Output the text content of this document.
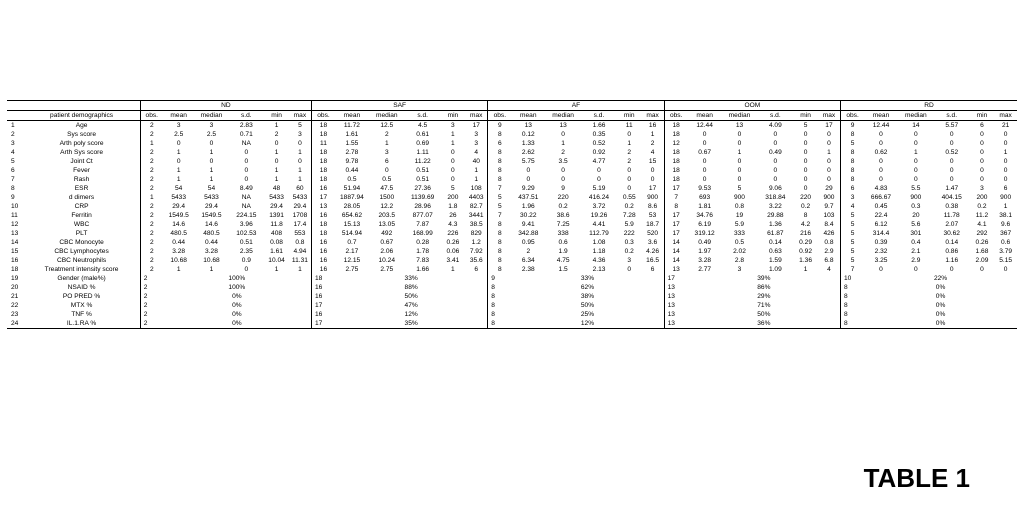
		ND						SAF						AF						OOM						RD					
	patient demographics	obs.	mean	median	s.d.	min	max	obs.	mean	median	s.d.	min	max	obs.	mean	median	s.d.	min	max	obs.	mean	median	s.d.	min	max	obs.	mean	median	s.d.	min	max
1	Age	2	3	3	2.83	1	5	18	11.72	12.5	4.5	3	17	9	13	13	1.66	11	16	18	12.44	13	4.09	5	17	9	12.44	14	5.57	6	21
2	Sys score	2	2.5	2.5	0.71	2	3	18	1.61	2	0.61	1	3	8	0.12	0	0.35	0	1	18	0	0	0	0	0	8	0	0	0	0	0
3	Arth poly score	1	0	0	NA	0	0	11	1.55	1	0.69	1	3	6	1.33	1	0.52	1	2	12	0	0	0	0	0	5	0	0	0	0	0
4	Arth Sys score	2	1	1	0	1	1	18	2.78	3	1.11	0	4	8	2.62	2	0.92	2	4	18	0.67	1	0.49	0	1	8	0.62	1	0.52	0	1
5	Joint Ct	2	0	0	0	0	0	18	9.78	6	11.22	0	40	8	5.75	3.5	4.77	2	15	18	0	0	0	0	0	8	0	0	0	0	0
6	Fever	2	1	1	0	1	1	18	0.44	0	0.51	0	1	8	0	0	0	0	0	18	0	0	0	0	0	8	0	0	0	0	0
7	Rash	2	1	1	0	1	1	18	0.5	0.5	0.51	0	1	8	0	0	0	0	0	18	0	0	0	0	0	8	0	0	0	0	0
8	ESR	2	54	54	8.49	48	60	16	51.94	47.5	27.36	5	108	7	9.29	9	5.19	0	17	17	9.53	5	9.06	0	29	6	4.83	5.5	1.47	3	6
9	d dimers	1	5433	5433	NA	5433	5433	17	1887.94	1500	1139.69	200	4403	5	437.51	220	416.24	0.55	900	7	693	900	318.84	220	900	3	666.67	900	404.15	200	900
10	CRP	2	29.4	29.4	NA	29.4	29.4	13	28.05	12.2	28.96	1.8	82.7	5	1.96	0.2	3.72	0.2	8.6	8	1.81	0.8	3.22	0.2	9.7	4	0.45	0.3	0.38	0.2	1
11	Ferritin	2	1549.5	1549.5	224.15	1391	1708	16	654.62	203.5	877.07	26	3441	7	30.22	38.6	19.26	7.28	53	17	34.76	19	29.88	8	103	5	22.4	20	11.78	11.2	38.1
12	WBC	2	14.6	14.6	3.96	11.8	17.4	18	15.13	13.05	7.87	4.3	38.5	8	9.41	7.25	4.41	5.9	18.7	17	6.19	5.9	1.36	4.2	8.4	5	6.12	5.6	2.07	4.1	9.6
13	PLT	2	480.5	480.5	102.53	408	553	18	514.94	492	168.99	226	829	8	342.88	338	112.79	222	520	17	319.12	333	61.87	216	426	5	314.4	301	30.62	292	367
14	CBC Monocyte	2	0.44	0.44	0.51	0.08	0.8	16	0.7	0.67	0.28	0.26	1.2	8	0.95	0.6	1.08	0.3	3.6	14	0.49	0.5	0.14	0.29	0.8	5	0.39	0.4	0.14	0.26	0.6
15	CBC Lymphocytes	2	3.28	3.28	2.35	1.61	4.94	16	2.17	2.06	1.78	0.06	7.92	8	2	1.9	1.18	0.2	4.26	14	1.97	2.02	0.63	0.92	2.9	5	2.32	2.1	0.86	1.68	3.79
16	CBC Neutrophils	2	10.68	10.68	0.9	10.04	11.31	16	12.15	10.24	7.83	3.41	35.6	8	6.34	4.75	4.36	3	16.5	14	3.28	2.8	1.59	1.36	6.8	5	3.25	2.9	1.16	2.09	5.15
18	Treatment intensity score	2	1	1	0	1	1	16	2.75	2.75	1.66	1	6	8	2.38	1.5	2.13	0	6	13	2.77	3	1.09	1	4	7	0	0	0	0	0
19	Gender (male%)	2	100%					18	33%					9	33%					17	39%					10	22%				
20	NSAID %	2	100%					16	88%					8	62%					13	86%					8	0%				
21	PO PRED %	2	0%					16	50%					8	38%					13	29%					8	0%				
22	MTX %	2	0%					17	47%					8	50%					13	71%					8	0%				
23	TNF %	2	0%					16	12%					8	25%					13	50%					8	0%				
24	IL.1.RA %	2	0%					17	35%					8	12%					13	36%					8	0%				
TABLE 1
